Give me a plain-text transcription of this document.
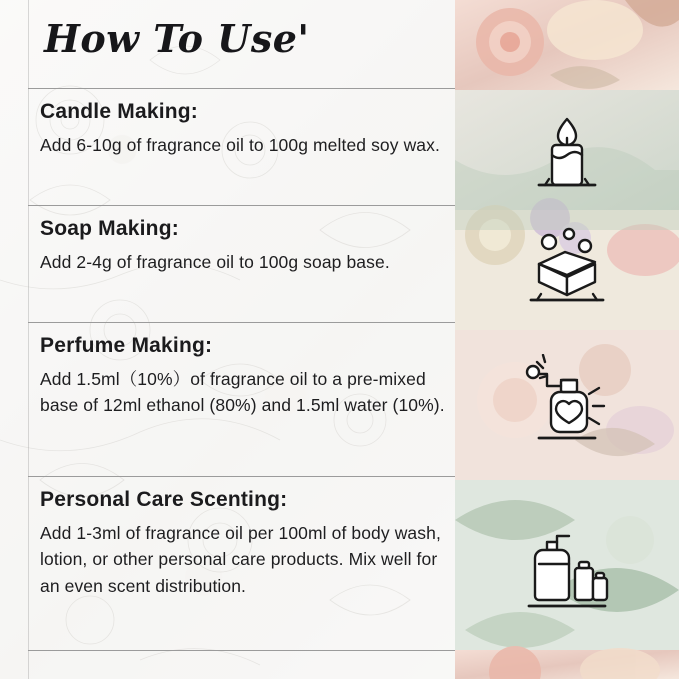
How To Use'
Candle Making:

Add 6-10g of fragrance oil to 100g melted soy wax.

Soap Making:

Add 2-4g of fragrance oil to 100g soap base.

Perfume Making:

Add 1.5ml（10%）of fragrance oil to a pre-mixed base of 12ml ethanol (80%) and 1.5ml water (10%).

Personal Care Scenting:

Add 1-3ml of fragrance oil per 100ml of body wash, lotion, or other personal care products. Mix well for an even scent distribution.
